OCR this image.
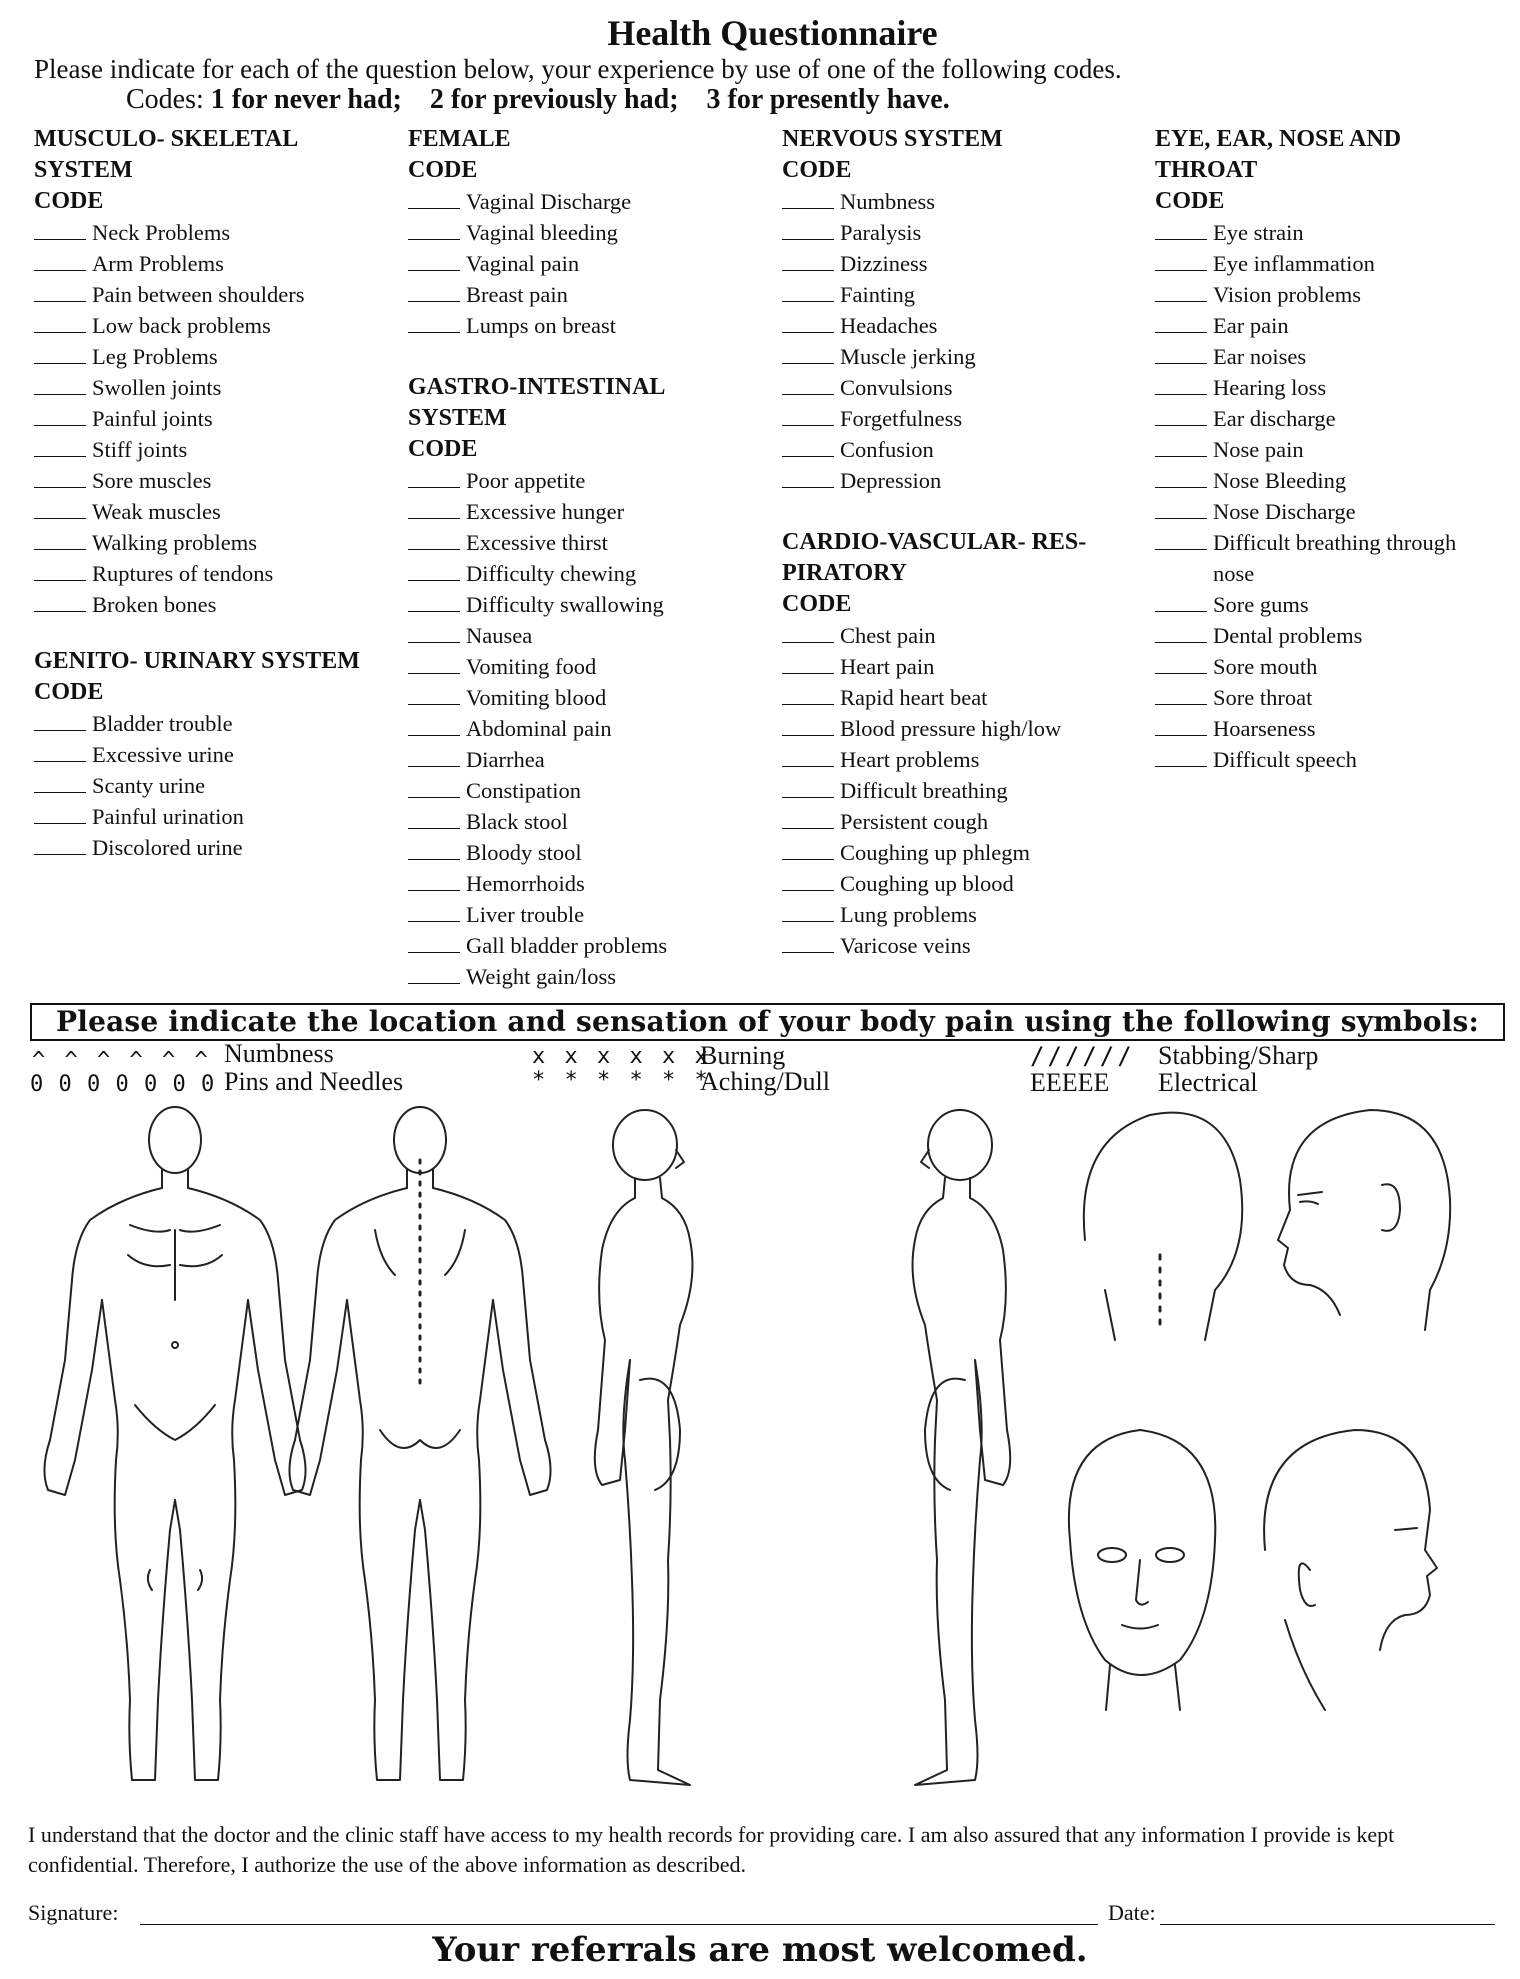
Health Questionnaire
Please indicate for each of the question below, your experience by use of one of the following codes.
Codes: 1 for never had; 2 for previously had; 3 for presently have.

MUSCULO- SKELETAL

SYSTEM

CODE

Neck Problems
Arm Problems
Pain between shoulders
Low back problems
Leg Problems
Swollen joints
Painful joints
Stiff joints
Sore muscles
Weak muscles
Walking problems
Ruptures of tendons
Broken bones

GENITO- URINARY SYSTEM

CODE

Bladder trouble
Excessive urine
Scanty urine
Painful urination
Discolored urine

FEMALE

CODE

Vaginal Discharge
Vaginal bleeding
Vaginal pain
Breast pain
Lumps on breast

GASTRO-INTESTINAL

SYSTEM

CODE

Poor appetite
Excessive hunger
Excessive thirst
Difficulty chewing
Difficulty swallowing
Nausea
Vomiting food
Vomiting blood
Abdominal pain
Diarrhea
Constipation
Black stool
Bloody stool
Hemorrhoids
Liver trouble
Gall bladder problems
Weight gain/loss

NERVOUS SYSTEM

CODE

Numbness
Paralysis
Dizziness
Fainting
Headaches
Muscle jerking
Convulsions
Forgetfulness
Confusion
Depression

CARDIO-VASCULAR- RES-

PIRATORY

CODE

Chest pain
Heart pain
Rapid heart beat
Blood pressure high/low
Heart problems
Difficult breathing
Persistent cough
Coughing up phlegm
Coughing up blood
Lung problems
Varicose veins

EYE, EAR, NOSE AND

THROAT

CODE

Eye strain
Eye inflammation
Vision problems
Ear pain
Ear noises
Hearing loss
Ear discharge
Nose pain
Nose Bleeding
Nose Discharge
Difficult breathing through
nose
Sore gums
Dental problems
Sore mouth
Sore throat
Hoarseness
Difficult speech
Please indicate the location and sensation of your body pain using the following symbols:
^ ^ ^ ^ ^ ^ Numbness
0 0 0 0 0 0 0 Pins and Needles
x x x x x x
Burning
* * * * * *
Aching/Dull
////// Stabbing/Sharp
EEEEE Electrical
I understand that the doctor and the clinic staff have access to my health records for providing care. I am also assured that any information I provide is kept confidential. Therefore, I authorize the use of the above information as described.
Signature:	Date:
Your referrals are most welcomed.
